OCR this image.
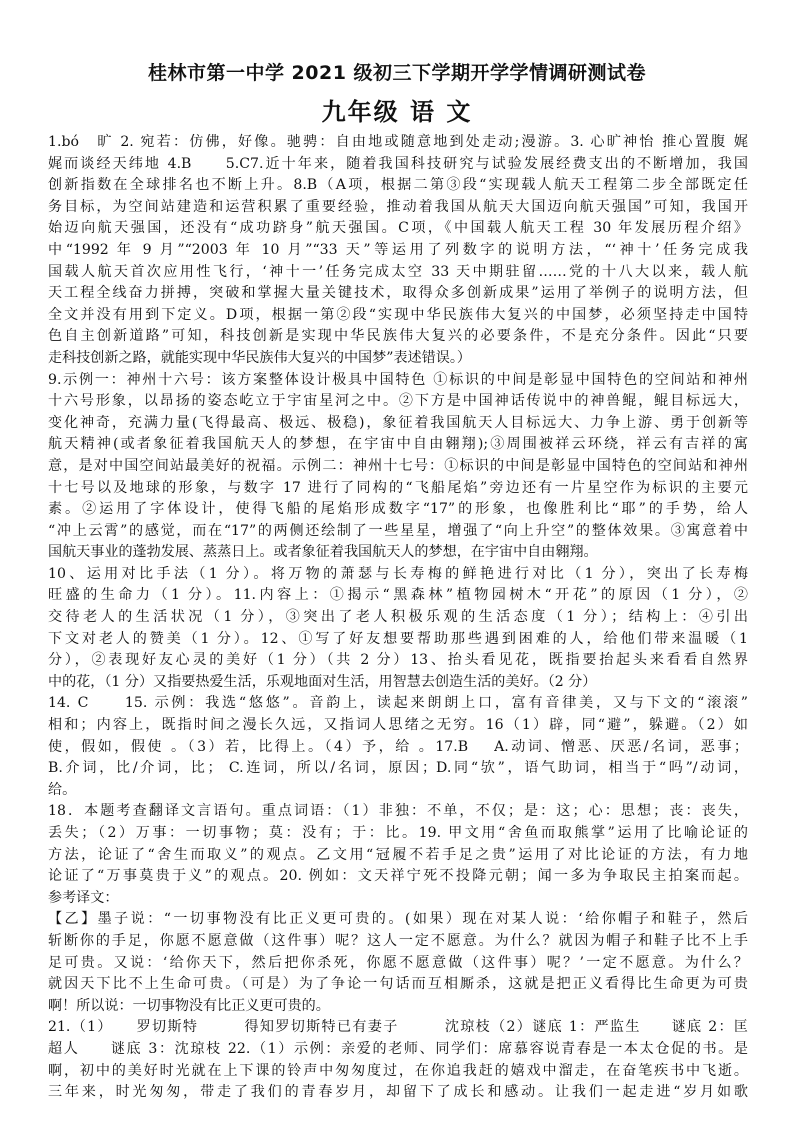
桂林市第一中学 2021 级初三下学期开学学情调研测试卷
九年级 语 文
1.bó　旷 2. 宛若：仿佛，好像。驰骋：自由地或随意地到处走动;漫游。3. 心旷神怡 推心置腹 娓
娓而谈经天纬地 4.B　　5.C7.近十年来，随着我国科技研究与试验发展经费支出的不断增加，我国
创新指数在全球排名也不断上升。8.B（A项，根据二第③段“实现载人航天工程第二步全部既定任
务目标，为空间站建造和运营积累了重要经验，推动着我国从航天大国迈向航天强国”可知，我国开
始迈向航天强国，还没有“成功跻身”航天强国。C项，《中国载人航天工程 30 年发展历程介绍》
中“1992 年 9 月”“2003 年 10 月”“33 天”等运用了列数字的说明方法，“‘神十’任务完成我
国载人航天首次应用性飞行，‘神十一’任务完成太空 33 天中期驻留……党的十八大以来，载人航
天工程全线奋力拼搏，突破和掌握大量关键技术，取得众多创新成果”运用了举例子的说明方法，但
全文并没有用到下定义。D项，根据一第②段“实现中华民族伟大复兴的中国梦，必须坚持走中国特
色自主创新道路”可知，科技创新是实现中华民族伟大复兴的必要条件，不是充分条件。因此“只要
走科技创新之路，就能实现中华民族伟大复兴的中国梦”表述错误。）
9.示例一：神州十六号：该方案整体设计极具中国特色 ①标识的中间是彰显中国特色的空间站和神州
十六号形象，以昂扬的姿态屹立于宇宙星河之中。②下方是中国神话传说中的神兽鲲，鲲目标远大，
变化神奇，充满力量(飞得最高、极远、极稳)，象征着我国航天人目标远大、力争上游、勇于创新等
航天精神(或者象征着我国航天人的梦想，在宇宙中自由翱翔);③周围被祥云环绕，祥云有吉祥的寓
意，是对中国空间站最美好的祝福。示例二：神州十七号：①标识的中间是彰显中国特色的空间站和神州
十七号以及地球的形象，与数字 17 进行了同构的“飞船尾焰”旁边还有一片星空作为标识的主要元
素。②运用了字体设计，使得飞船的尾焰形成数字“17”的形象，也像胜利比“耶”的手势，给人
“冲上云霄”的感觉，而在“17”的两侧还绘制了一些星星，增强了“向上升空”的整体效果。③寓意着中
国航天事业的蓬勃发展、蒸蒸日上。或者象征着我国航天人的梦想，在宇宙中自由翱翔。
10、运用对比手法（1 分）。将万物的萧瑟与长寿梅的鲜艳进行对比（1 分），突出了长寿梅
旺盛的生命力（1 分）。11.内容上：①揭示“黑森林”植物园树木“开花”的原因（1 分），②
交待老人的生活状况（1 分），③突出了老人积极乐观的生活态度（1 分）；结构上：④引出
下文对老人的赞美（1 分）。12、①写了好友想要帮助那些遇到困难的人，给他们带来温暖（1
分），②表现好友心灵的美好（1 分）（共 2 分）13、抬头看见花，既指要抬起头来看看自然界
中的花，（1 分）又指要热爱生活，乐观地面对生活，用智慧去创造生活的美好。（2 分）
14. C　　15. 示例：我选“悠悠”。音韵上，读起来朗朗上口，富有音律美，又与下文的“滚滚”
相和；内容上，既指时间之漫长久远，又指词人思绪之无穷。16（1）辟，同“避”，躲避。（2）如
使，假如，假使 。（3）若，比得上。（4）予，给 。17.B　 A.动词、憎恶、厌恶/名词，恶事；
B.介词，比/介词，比； C.连词，所以/名词，原因；D.同“欤”，语气助词，相当于“吗”/动词，
给。
18．本题考查翻译文言语句。重点词语：（1）非独：不单，不仅；是：这；心：思想；丧：丧失，
丢失；（2）万事：一切事物；莫：没有；于：比。19. 甲文用“舍鱼而取熊掌”运用了比喻论证的
方法，论证了“舍生而取义”的观点。乙文用“冠履不若手足之贵”运用了对比论证的方法，有力地
论证了“万事莫贵于义”的观点。20. 例如：文天祥宁死不投降元朝；闻一多为争取民主拍案而起。
参考译文：
【乙】墨子说：“一切事物没有比正义更可贵的。(如果）现在对某人说：‘给你帽子和鞋子，然后
斩断你的手足，你愿不愿意做（这件事）呢？这人一定不愿意。为什么？就因为帽子和鞋子比不上手
足可贵。又说：‘给你天下，然后把你杀死，你愿不愿意做（这件事）呢？’一定不愿意。为什么？
就因天下比不上生命可贵。（可是）为了争论一句话而互相厮杀，这就是把正义看得比生命更为可贵
啊！所以说：一切事物没有比正义更可贵的。
21.（1）　　罗切斯特　　　得知罗切斯特已有妻子　　　沈琼枝（2）谜底 1：严监生　　谜底 2：匡
超人　　谜底 3：沈琼枝 22.（1）示例：亲爱的老师、同学们：席慕容说青春是一本太仓促的书。是
啊，初中的美好时光就在上下课的铃声中匆匆度过，在你追我赶的嬉戏中溜走，在奋笔疾书中飞逝。
三年来，时光匆匆，带走了我们的青春岁月，却留下了成长和感动。让我们一起走进“岁月如歌
